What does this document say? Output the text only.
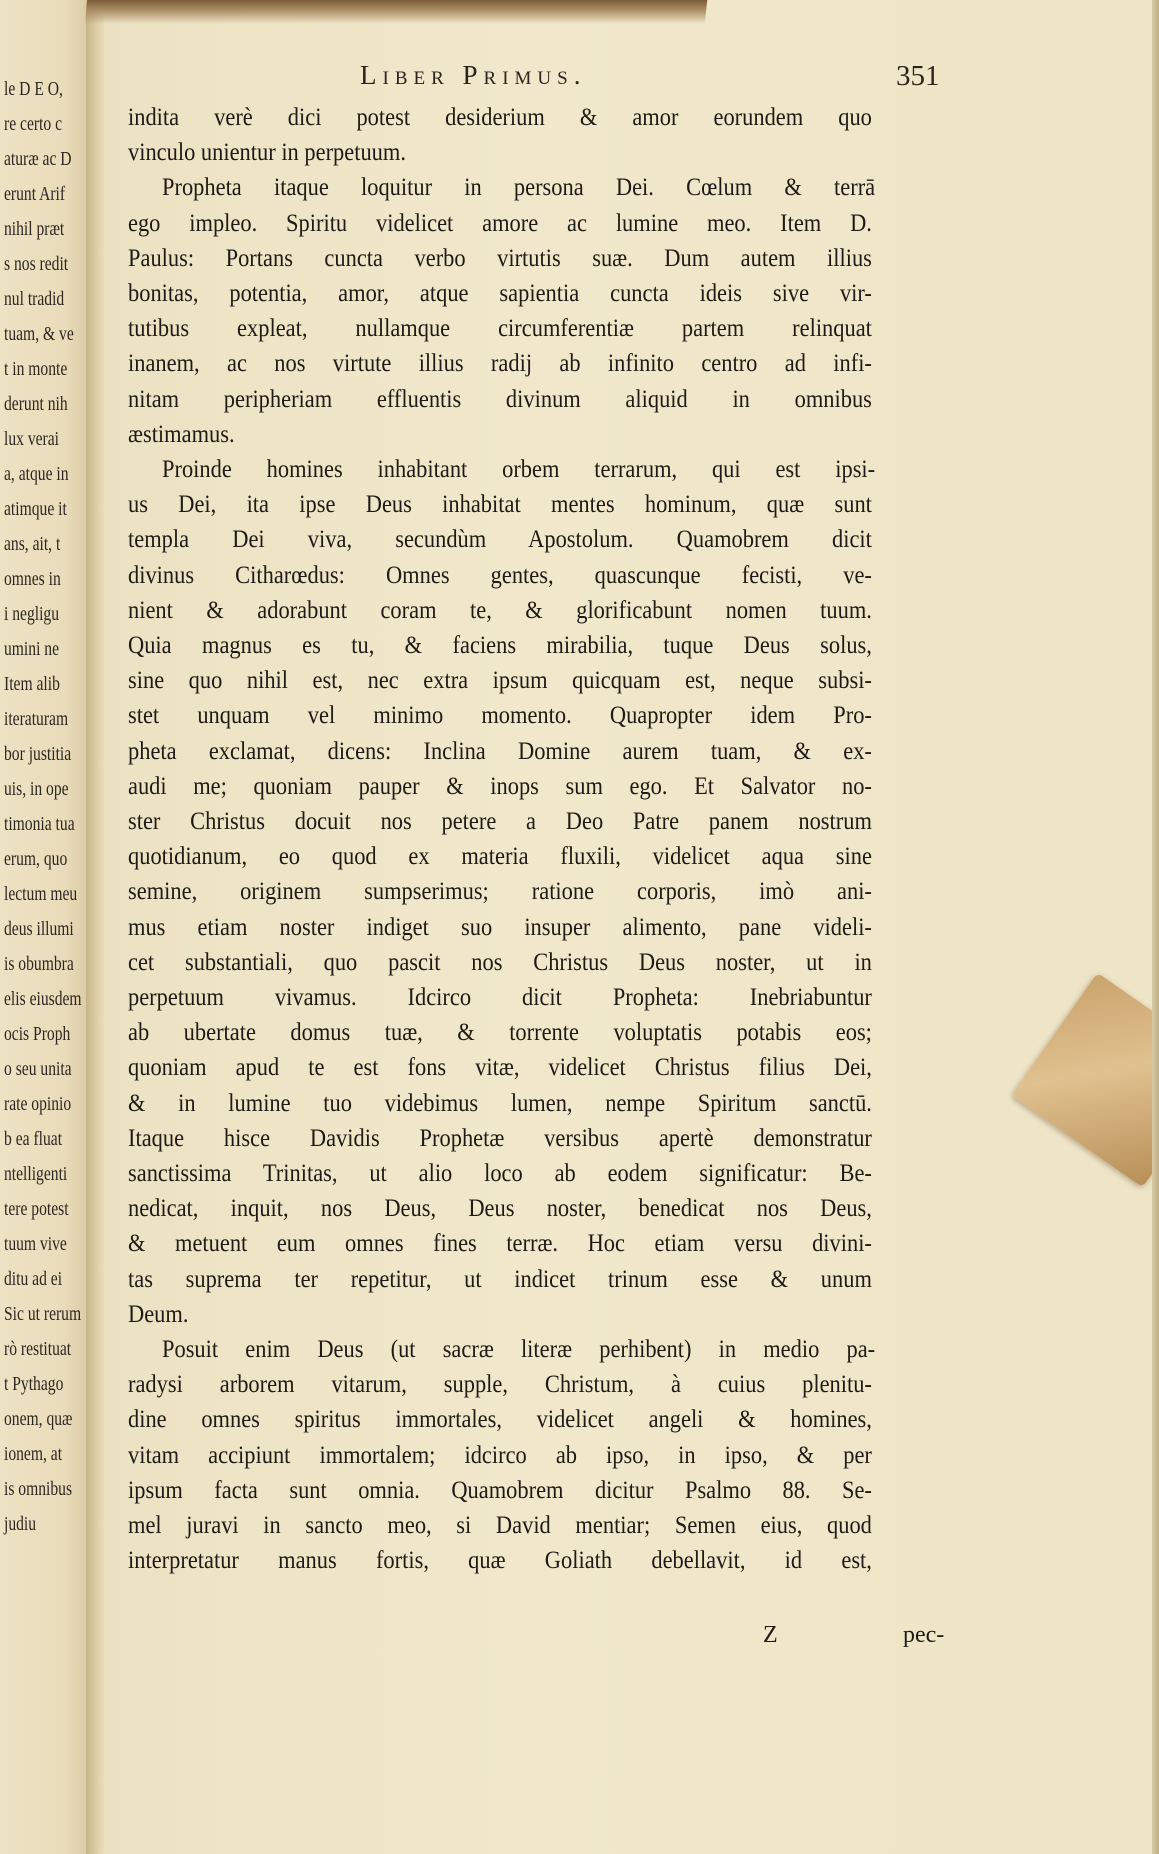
le D E O,
re certo c
aturæ ac D
erunt Arif
nihil præt
s nos redit
nul tradid
tuam, & ve
t in monte
derunt nih
lux verai
a, atque in
atimque it
ans, ait, t
omnes in
i negligu
umini ne
Item alib
iteraturam
bor justitia
uis, in ope
timonia tua
erum, quo
lectum meu
deus illumi
is obumbra
elis eiusdem
ocis Proph
o seu unita
rate opinio
b ea fluat
ntelligenti
tere potest
tuum vive
ditu ad ei
Sic ut rerum
rò restituat
t Pythago
onem, quæ
ionem, at
is omnibus
judiu
Liber Primus.	351
indita verè dici potest desiderium & amor eorundem quo
vinculo unientur in perpetuum.
Propheta itaque loquitur in persona Dei. Cœlum & terrā
ego impleo. Spiritu videlicet amore ac lumine meo. Item D.
Paulus: Portans cuncta verbo virtutis suæ. Dum autem illius
bonitas, potentia, amor, atque sapientia cuncta ideis sive vir-
tutibus expleat, nullamque circumferentiæ partem relinquat
inanem, ac nos virtute illius radij ab infinito centro ad infi-
nitam peripheriam effluentis divinum aliquid in omnibus
æstimamus.
Proinde homines inhabitant orbem terrarum, qui est ipsi-
us Dei, ita ipse Deus inhabitat mentes hominum, quæ sunt
templa Dei viva, secundùm Apostolum. Quamobrem dicit
divinus Citharœdus: Omnes gentes, quascunque fecisti, ve-
nient & adorabunt coram te, & glorificabunt nomen tuum.
Quia magnus es tu, & faciens mirabilia, tuque Deus solus,
sine quo nihil est, nec extra ipsum quicquam est, neque subsi-
stet unquam vel minimo momento. Quapropter idem Pro-
pheta exclamat, dicens: Inclina Domine aurem tuam, & ex-
audi me; quoniam pauper & inops sum ego. Et Salvator no-
ster Christus docuit nos petere a Deo Patre panem nostrum
quotidianum, eo quod ex materia fluxili, videlicet aqua sine
semine, originem sumpserimus; ratione corporis, imò ani-
mus etiam noster indiget suo insuper alimento, pane videli-
cet substantiali, quo pascit nos Christus Deus noster, ut in
perpetuum vivamus. Idcirco dicit Propheta: Inebriabuntur
ab ubertate domus tuæ, & torrente voluptatis potabis eos;
quoniam apud te est fons vitæ, videlicet Christus filius Dei,
& in lumine tuo videbimus lumen, nempe Spiritum sanctū.
Itaque hisce Davidis Prophetæ versibus apertè demonstratur
sanctissima Trinitas, ut alio loco ab eodem significatur: Be-
nedicat, inquit, nos Deus, Deus noster, benedicat nos Deus,
& metuent eum omnes fines terræ. Hoc etiam versu divini-
tas suprema ter repetitur, ut indicet trinum esse & unum
Deum.
Posuit enim Deus (ut sacræ literæ perhibent) in medio pa-
radysi arborem vitarum, supple, Christum, à cuius plenitu-
dine omnes spiritus immortales, videlicet angeli & homines,
vitam accipiunt immortalem; idcirco ab ipso, in ipso, & per
ipsum facta sunt omnia. Quamobrem dicitur Psalmo 88. Se-
mel juravi in sancto meo, si David mentiar; Semen eius, quod
interpretatur manus fortis, quæ Goliath debellavit, id est,
Z	pec-
